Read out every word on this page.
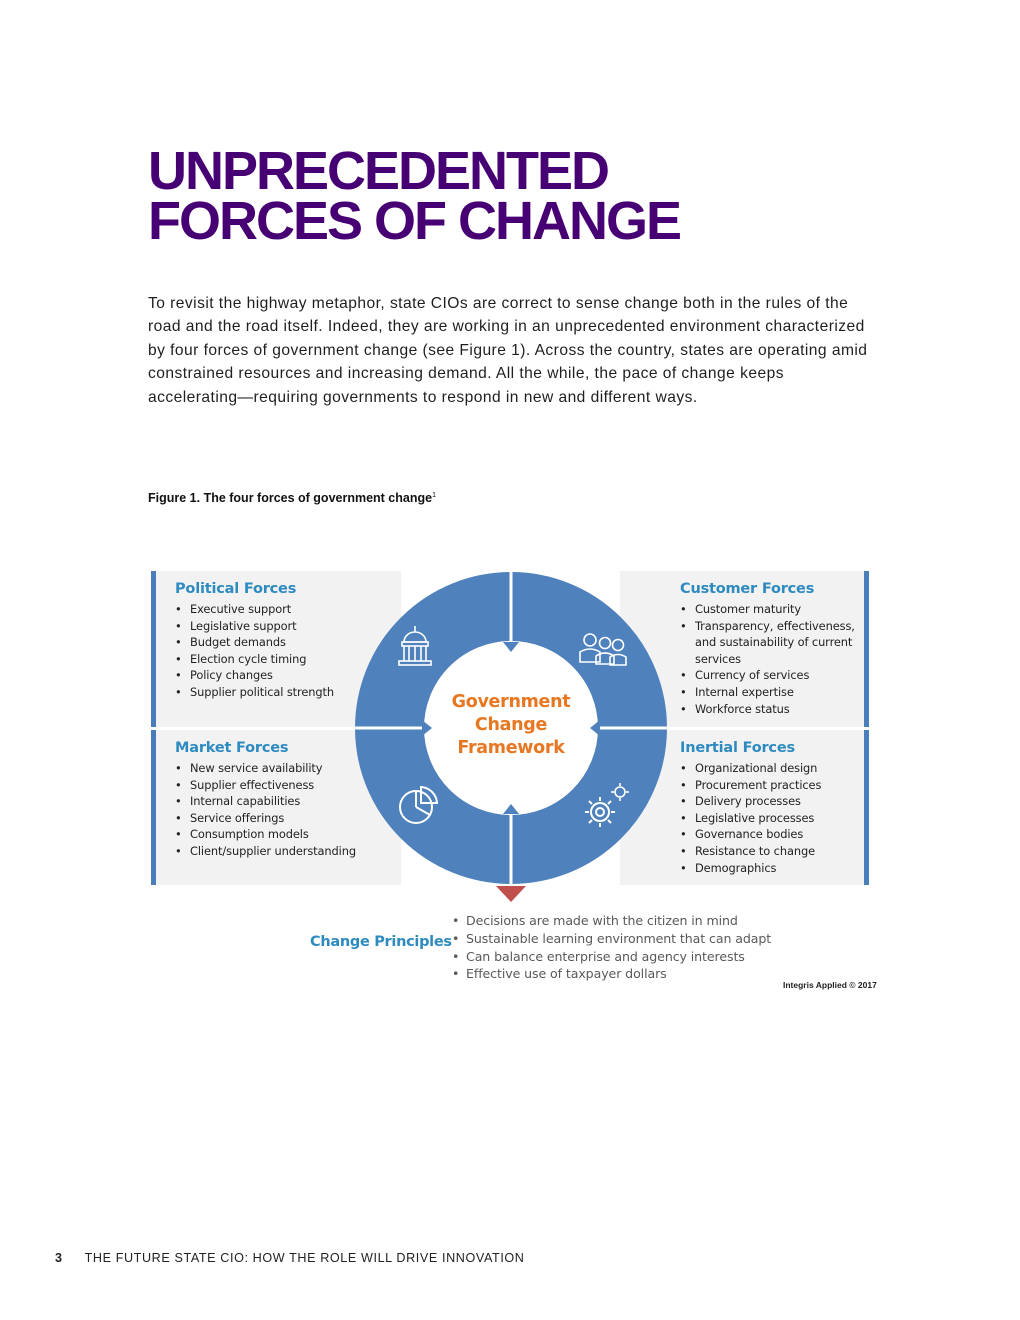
UNPRECEDENTED
FORCES OF CHANGE

To revisit the highway metaphor, state CIOs are correct to sense change both in the rules of the road and the road itself. Indeed, they are working in an unprecedented environment characterized by four forces of government change (see Figure 1). Across the country, states are operating amid constrained resources and increasing demand. All the while, the pace of change keeps accelerating—requiring governments to respond in new and different ways.

Figure 1. The four forces of government change$^1$

Government
Change
Framework
Political Forces
• Executive support
• Legislative support
• Budget demands
• Election cycle timing
• Policy changes
• Supplier political strength
Customer Forces
• Customer maturity
• Transparency, effectiveness, and sustainability of current services
• Currency of services
• Internal expertise
• Workforce status
Market Forces
• New service availability
• Supplier effectiveness
• Internal capabilities
• Service offerings
• Consumption models
• Client/supplier understanding
Inertial Forces
• Organizational design
• Procurement practices
• Delivery processes
• Legislative processes
• Governance bodies
• Resistance to change
• Demographics
Change Principles
• Decisions are made with the citizen in mind
• Sustainable learning environment that can adapt
• Can balance enterprise and agency interests
• Effective use of taxpayer dollars
Integris Applied © 2017
3 THE FUTURE STATE CIO: HOW THE ROLE WILL DRIVE INNOVATION
